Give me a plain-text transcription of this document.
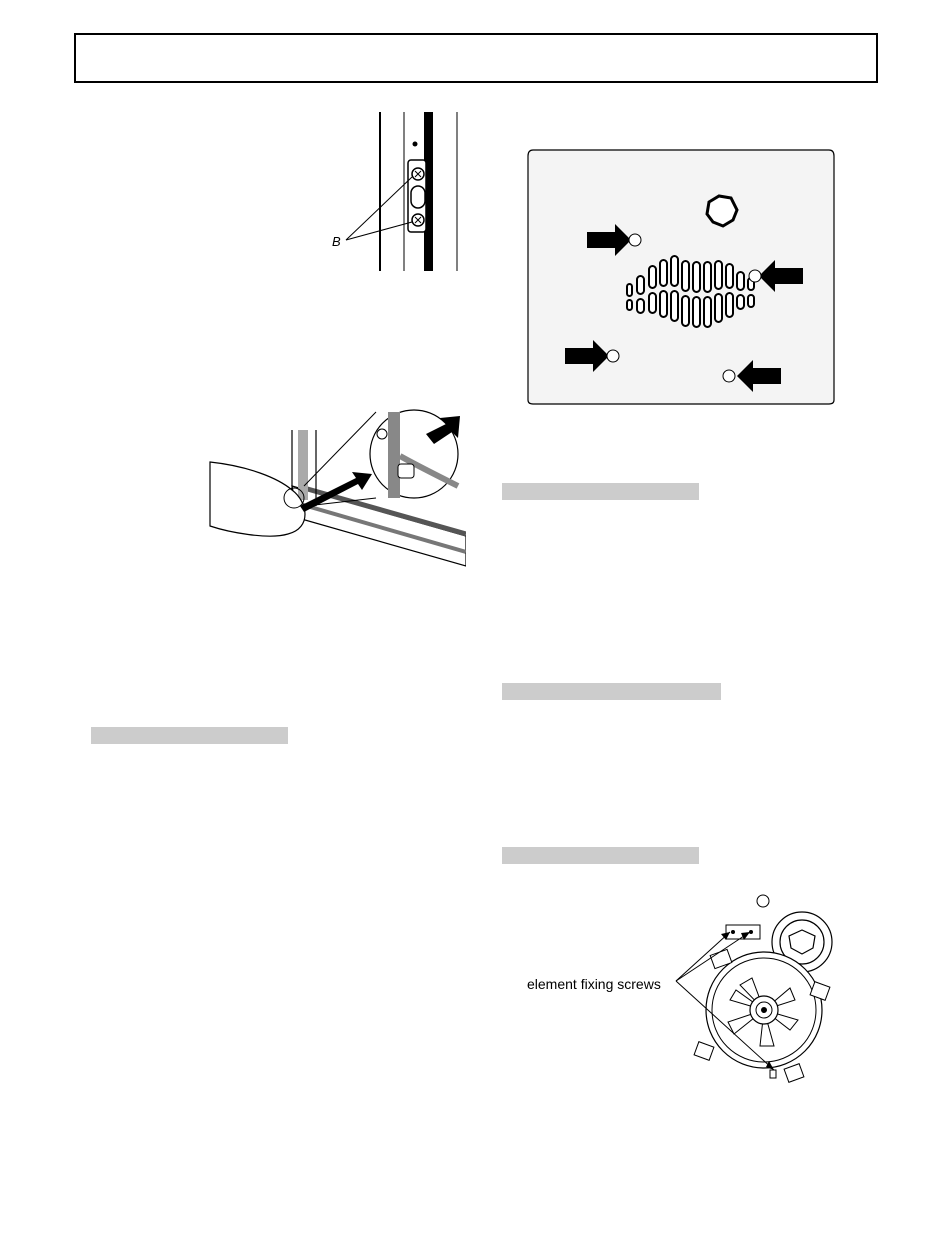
B
element fixing screws
